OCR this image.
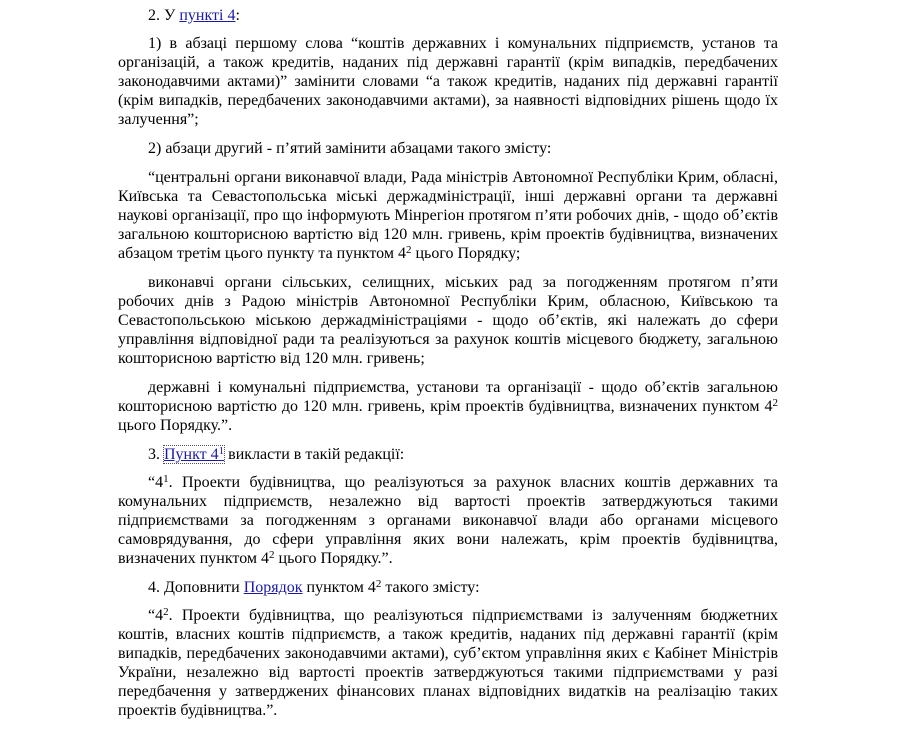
2. У пункті 4:

1) в абзаці першому слова “коштів державних і комунальних підприємств, установ та організацій, а також кредитів, наданих під державні гарантії (крім випадків, передбачених законодавчими актами)” замінити словами “а також кредитів, наданих під державні гарантії (крім випадків, передбачених законодавчими актами), за наявності відповідних рішень щодо їх залучення”;

2) абзаци другий - п’ятий замінити абзацами такого змісту:

“центральні органи виконавчої влади, Рада міністрів Автономної Республіки Крим, обласні, Київська та Севастопольська міські держадміністрації, інші державні органи та державні наукові організації, про що інформують Мінрегіон протягом п’яти робочих днів, - щодо об’єктів загальною кошторисною вартістю від 120 млн. гривень, крім проектів будівництва, визначених абзацом третім цього пункту та пунктом $4^2$ цього Порядку;

виконавчі органи сільських, селищних, міських рад за погодженням протягом п’яти робочих днів з Радою міністрів Автономної Республіки Крим, обласною, Київською та Севастопольською міською держадміністраціями - щодо об’єктів, які належать до сфери управління відповідної ради та реалізуються за рахунок коштів місцевого бюджету, загальною кошторисною вартістю від 120 млн. гривень;

державні і комунальні підприємства, установи та організації - щодо об’єктів загальною кошторисною вартістю до 120 млн. гривень, крім проектів будівництва, визначених пунктом $4^2$ цього Порядку.”.

3. Пункт $4^1$ викласти в такій редакції:

“$4^1$. Проекти будівництва, що реалізуються за рахунок власних коштів державних та комунальних підприємств, незалежно від вартості проектів затверджуються такими підприємствами за погодженням з органами виконавчої влади або органами місцевого самоврядування, до сфери управління яких вони належать, крім проектів будівництва, визначених пунктом $4^2$ цього Порядку.”.

4. Доповнити Порядок пунктом $4^2$ такого змісту:

“$4^2$. Проекти будівництва, що реалізуються підприємствами із залученням бюджетних коштів, власних коштів підприємств, а також кредитів, наданих під державні гарантії (крім випадків, передбачених законодавчими актами), суб’єктом управління яких є Кабінет Міністрів України, незалежно від вартості проектів затверджуються такими підприємствами у разі передбачення у затверджених фінансових планах відповідних видатків на реалізацію таких проектів будівництва.”.
